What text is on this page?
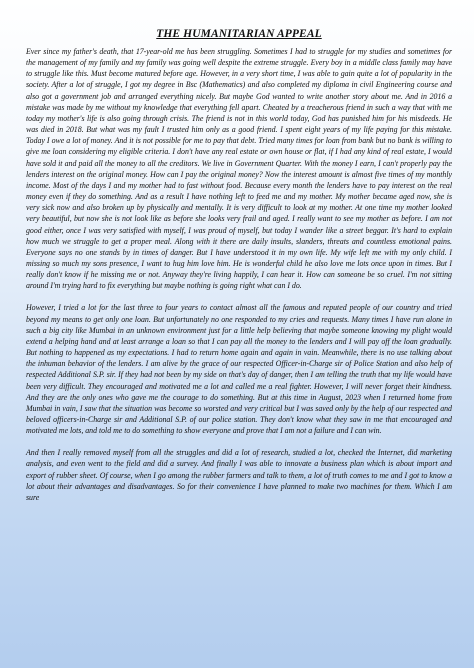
THE HUMANITARIAN APPEAL

Ever since my father's death, that 17-year-old me has been struggling. Sometimes I had to struggle for my studies and sometimes for the management of my family and my family was going well despite the extreme struggle. Every boy in a middle class family may have to struggle like this. Must become matured before age. However, in a very short time, I was able to gain quite a lot of popularity in the society. After a lot of struggle, I got my degree in Bsc (Mathematics) and also completed my diploma in civil Engineering course and also got a government job and arranged everything nicely. But maybe God wanted to write another story about me. And in 2016 a mistake was made by me without my knowledge that everything fell apart. Cheated by a treacherous friend in such a way that with me today my mother's life is also going through crisis. The friend is not in this world today, God has punished him for his misdeeds. He was died in 2018. But what was my fault I trusted him only as a good friend. I spent eight years of my life paying for this mistake. Today I owe a lot of money. And it is not possible for me to pay that debt. Tried many times for loan from bank but no bank is willing to give me loan considering my eligible criteria. I don't have any real estate or own house or flat, if I had any kind of real estate, I would have sold it and paid all the money to all the creditors. We live in Government Quarter. With the money I earn, I can't properly pay the lenders interest on the original money. How can I pay the original money? Now the interest amount is almost five times of my monthly income. Most of the days I and my mother had to fast without food. Because every month the lenders have to pay interest on the real money even if they do something. And as a result I have nothing left to feed me and my mother. My mother became aged now, she is very sick now and also broken up by physically and mentally. It is very difficult to look at my mother. At one time my mother looked very beautiful, but now she is not look like as before she looks very frail and aged. I really want to see my mother as before. I am not good either, once I was very satisfied with myself, I was proud of myself, but today I wander like a street beggar. It's hard to explain how much we struggle to get a proper meal. Along with it there are daily insults, slanders, threats and countless emotional pains. Everyone says no one stands by in times of danger. But I have understood it in my own life. My wife left me with my only child. I missing so much my sons presence, I want to hug him love him. He is wonderful child he also love me lots once upon in times. But I really don't know if he missing me or not. Anyway they're living happily, I can hear it. How can someone be so cruel. I'm not sitting around I'm trying hard to fix everything but maybe nothing is going right what can I do.

However, I tried a lot for the last three to four years to contact almost all the famous and reputed people of our country and tried beyond my means to get only one loan. But unfortunately no one responded to my cries and requests. Many times I have run alone in such a big city like Mumbai in an unknown environment just for a little help believing that maybe someone knowing my plight would extend a helping hand and at least arrange a loan so that I can pay all the money to the lenders and I will pay off the loan gradually. But nothing to happened as my expectations. I had to return home again and again in vain. Meanwhile, there is no use talking about the inhuman behavior of the lenders. I am alive by the grace of our respected Officer-in-Charge sir of Police Station and also help of respected Additional S.P. sir. If they had not been by my side on that's day of danger, then I am telling the truth that my life would have been very difficult. They encouraged and motivated me a lot and called me a real fighter. However, I will never forget their kindness. And they are the only ones who gave me the courage to do something. But at this time in August, 2023 when I returned home from Mumbai in vain, I saw that the situation was become so worsted and very critical but I was saved only by the help of our respected and beloved officers-in-Charge sir and Additional S.P. of our police station. They don't know what they saw in me that encouraged and motivated me lots, and told me to do something to show everyone and prove that I am not a failure and I can win.

And then I really removed myself from all the struggles and did a lot of research, studied a lot, checked the Internet, did marketing analysis, and even went to the field and did a survey. And finally I was able to innovate a business plan which is about import and export of rubber sheet. Of course, when I go among the rubber farmers and talk to them, a lot of truth comes to me and I got to know a lot about their advantages and disadvantages. So for their convenience I have planned to make two machines for them. Which I am sure
